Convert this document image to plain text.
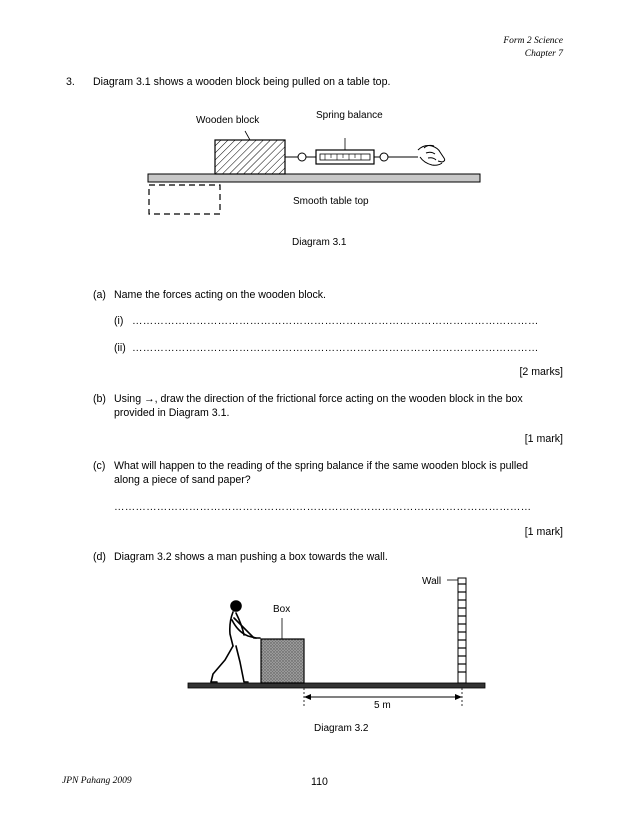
Form 2 Science
Chapter 7
3. Diagram 3.1 shows a wooden block being pulled on a table top.
Wooden block	Spring balance
Smooth table top
Diagram 3.1
(a) Name the forces acting on the wooden block.
(i) ……………………………………………………………………………………………………
(ii) ……………………………………………………………………………………………………
[2 marks]
(b) Using →, draw the direction of the frictional force acting on the wooden block in the box
provided in Diagram 3.1.
[1 mark]
(c) What will happen to the reading of the spring balance if the same wooden block is pulled
along a piece of sand paper?
………………………………………………………………………………………………………
[1 mark]
(d) Diagram 3.2 shows a man pushing a box towards the wall.
Wall
Box
5 m
Diagram 3.2
JPN Pahang 2009	110
